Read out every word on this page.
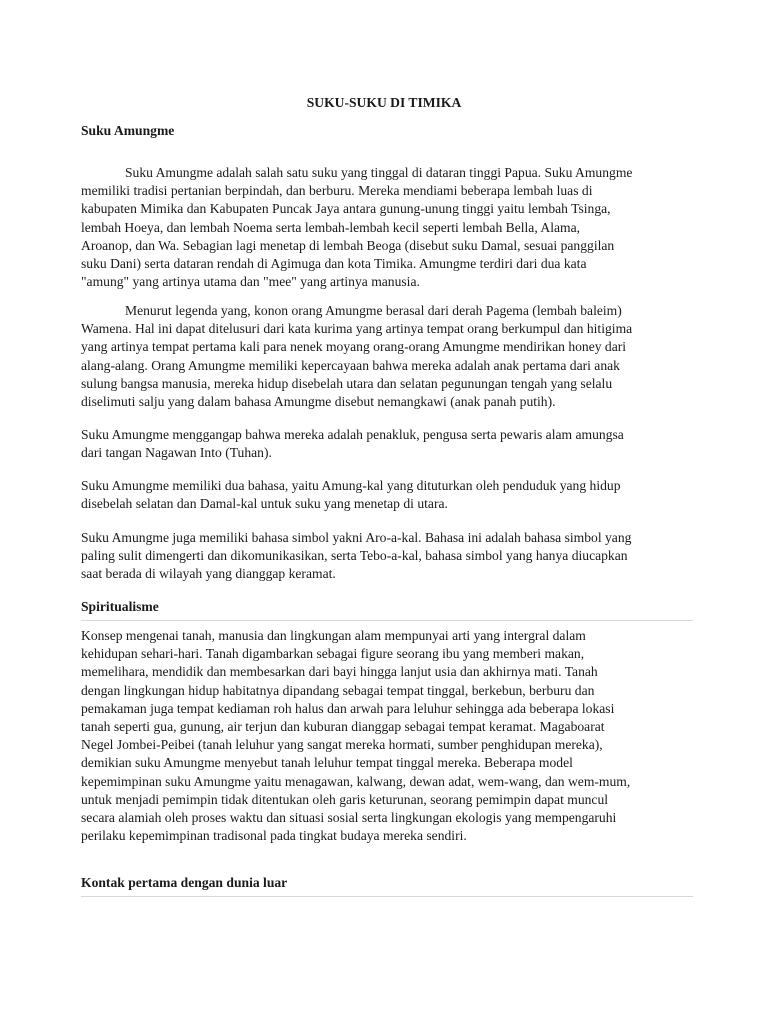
SUKU-SUKU DI TIMIKA
Suku Amungme

Suku Amungme adalah salah satu suku yang tinggal di dataran tinggi Papua. Suku Amungme
memiliki tradisi pertanian berpindah, dan berburu. Mereka mendiami beberapa lembah luas di
kabupaten Mimika dan Kabupaten Puncak Jaya antara gunung-unung tinggi yaitu lembah Tsinga,
lembah Hoeya, dan lembah Noema serta lembah-lembah kecil seperti lembah Bella, Alama,
Aroanop, dan Wa. Sebagian lagi menetap di lembah Beoga (disebut suku Damal, sesuai panggilan
suku Dani) serta dataran rendah di Agimuga dan kota Timika. Amungme terdiri dari dua kata
"amung" yang artinya utama dan "mee" yang artinya manusia.

Menurut legenda yang, konon orang Amungme berasal dari derah Pagema (lembah baleim)
Wamena. Hal ini dapat ditelusuri dari kata kurima yang artinya tempat orang berkumpul dan hitigima
yang artinya tempat pertama kali para nenek moyang orang-orang Amungme mendirikan honey dari
alang-alang. Orang Amungme memiliki kepercayaan bahwa mereka adalah anak pertama dari anak
sulung bangsa manusia, mereka hidup disebelah utara dan selatan pegunungan tengah yang selalu
diselimuti salju yang dalam bahasa Amungme disebut nemangkawi (anak panah putih).

Suku Amungme menggangap bahwa mereka adalah penakluk, pengusa serta pewaris alam amungsa
dari tangan Nagawan Into (Tuhan).

Suku Amungme memiliki dua bahasa, yaitu Amung-kal yang dituturkan oleh penduduk yang hidup
disebelah selatan dan Damal-kal untuk suku yang menetap di utara.

Suku Amungme juga memiliki bahasa simbol yakni Aro-a-kal. Bahasa ini adalah bahasa simbol yang
paling sulit dimengerti dan dikomunikasikan, serta Tebo-a-kal, bahasa simbol yang hanya diucapkan
saat berada di wilayah yang dianggap keramat.

Spiritualisme

Konsep mengenai tanah, manusia dan lingkungan alam mempunyai arti yang intergral dalam
kehidupan sehari-hari. Tanah digambarkan sebagai figure seorang ibu yang memberi makan,
memelihara, mendidik dan membesarkan dari bayi hingga lanjut usia dan akhirnya mati. Tanah
dengan lingkungan hidup habitatnya dipandang sebagai tempat tinggal, berkebun, berburu dan
pemakaman juga tempat kediaman roh halus dan arwah para leluhur sehingga ada beberapa lokasi
tanah seperti gua, gunung, air terjun dan kuburan dianggap sebagai tempat keramat. Magaboarat
Negel Jombei-Peibei (tanah leluhur yang sangat mereka hormati, sumber penghidupan mereka),
demikian suku Amungme menyebut tanah leluhur tempat tinggal mereka. Beberapa model
kepemimpinan suku Amungme yaitu menagawan, kalwang, dewan adat, wem-wang, dan wem-mum,
untuk menjadi pemimpin tidak ditentukan oleh garis keturunan, seorang pemimpin dapat muncul
secara alamiah oleh proses waktu dan situasi sosial serta lingkungan ekologis yang mempengaruhi
perilaku kepemimpinan tradisonal pada tingkat budaya mereka sendiri.

Kontak pertama dengan dunia luar
